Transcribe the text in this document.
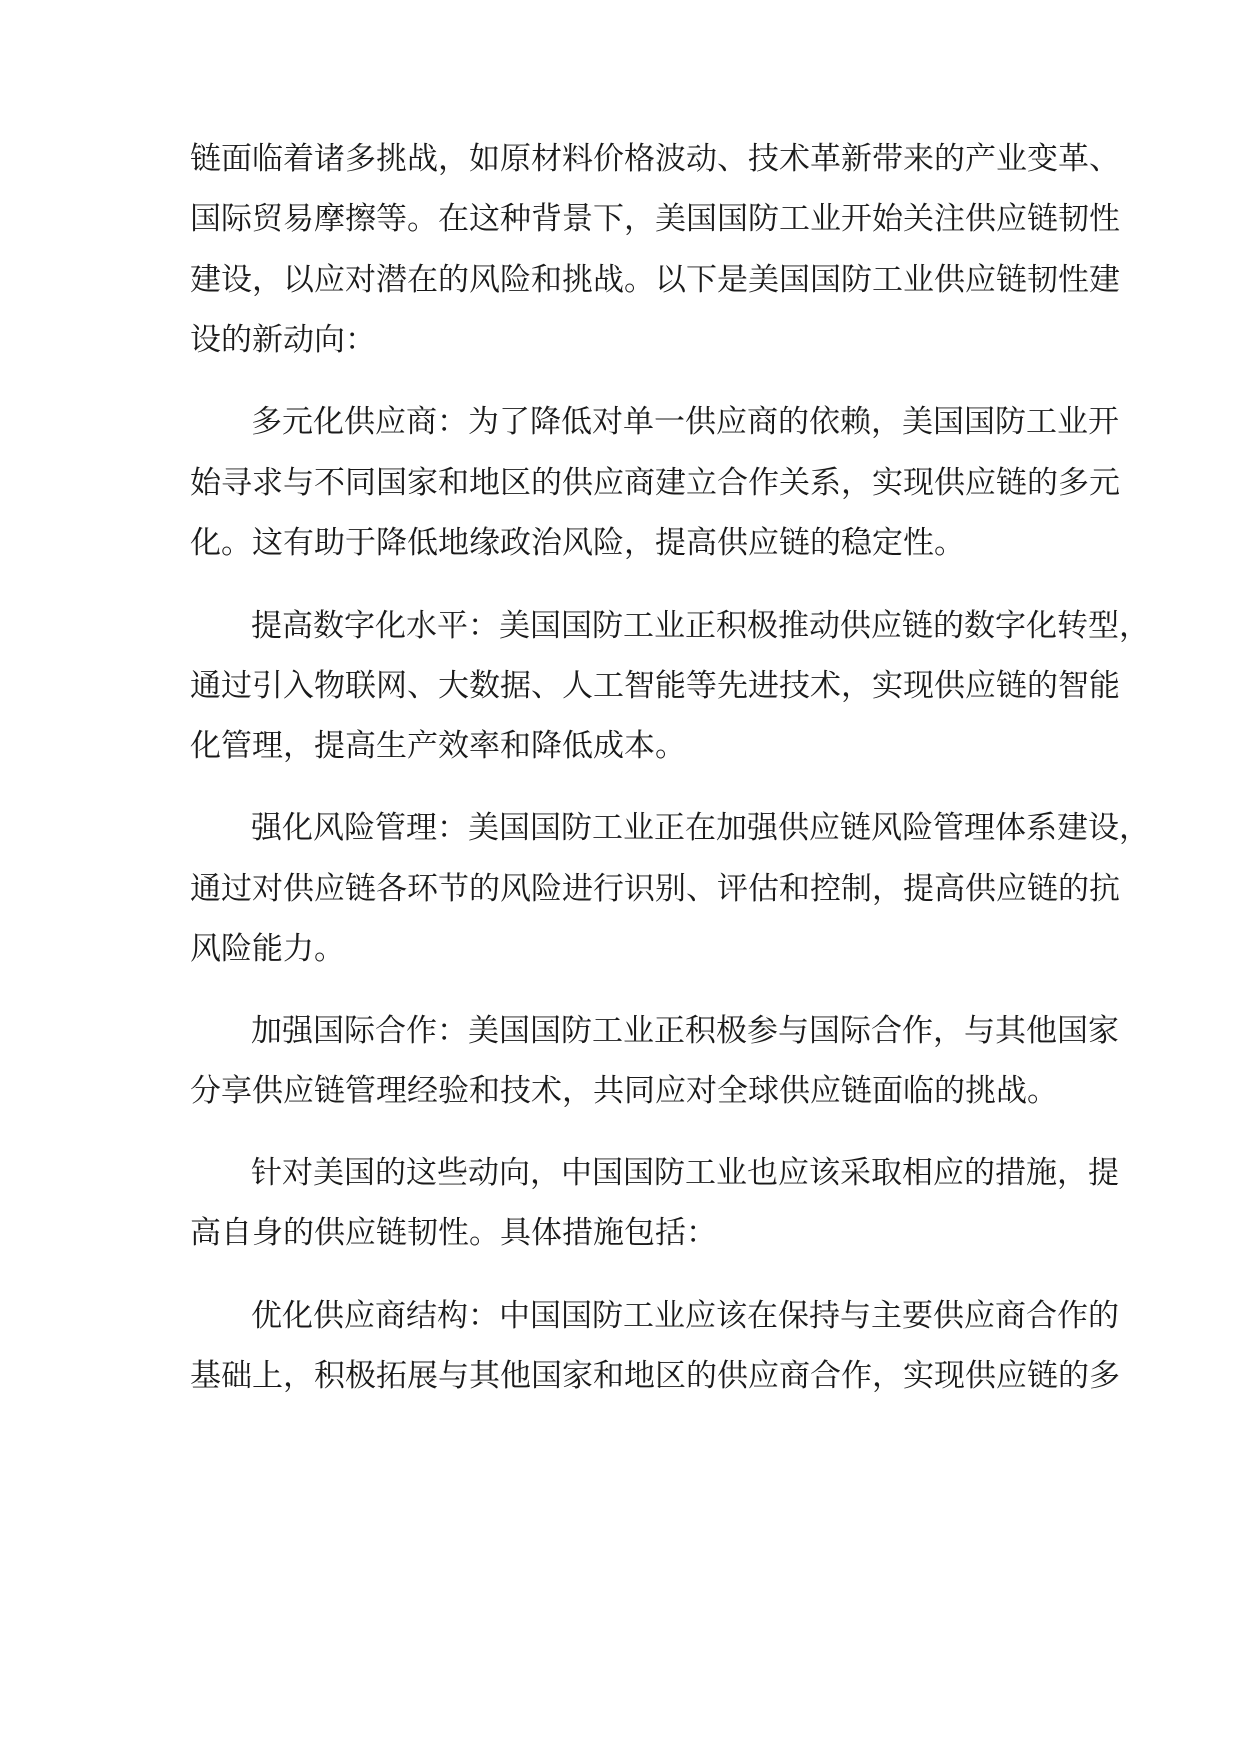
链面临着诸多挑战，如原材料价格波动、技术革新带来的产业变革、

国际贸易摩擦等。在这种背景下，美国国防工业开始关注供应链韧性

建设，以应对潜在的风险和挑战。以下是美国国防工业供应链韧性建

设的新动向：

多元化供应商：为了降低对单一供应商的依赖，美国国防工业开

始寻求与不同国家和地区的供应商建立合作关系，实现供应链的多元

化。这有助于降低地缘政治风险，提高供应链的稳定性。

提高数字化水平：美国国防工业正积极推动供应链的数字化转型，

通过引入物联网、大数据、人工智能等先进技术，实现供应链的智能

化管理，提高生产效率和降低成本。

强化风险管理：美国国防工业正在加强供应链风险管理体系建设，

通过对供应链各环节的风险进行识别、评估和控制，提高供应链的抗

风险能力。

加强国际合作：美国国防工业正积极参与国际合作，与其他国家

分享供应链管理经验和技术，共同应对全球供应链面临的挑战。

针对美国的这些动向，中国国防工业也应该采取相应的措施，提

高自身的供应链韧性。具体措施包括：

优化供应商结构：中国国防工业应该在保持与主要供应商合作的

基础上，积极拓展与其他国家和地区的供应商合作，实现供应链的多
